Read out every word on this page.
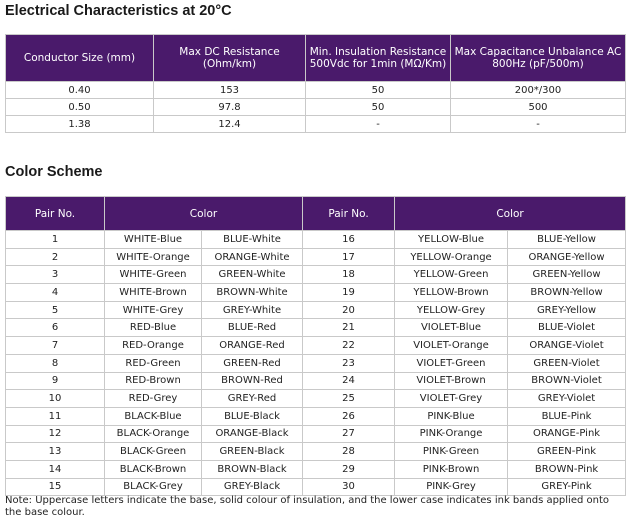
Electrical Characteristics at 20°C
Conductor Size (mm)	Max DC Resistance (Ohm/km)	Min. Insulation Resistance 500Vdc for 1min (MΩ/Km)	Max Capacitance Unbalance AC 800Hz (pF/500m)
0.40	153	50	200*/300
0.50	97.8	50	500
1.38	12.4	-	-
Color Scheme
Pair No.	Color		Pair No.	Color	
1	WHITE-Blue	BLUE-White	16	YELLOW-Blue	BLUE-Yellow
2	WHITE-Orange	ORANGE-White	17	YELLOW-Orange	ORANGE-Yellow
3	WHITE-Green	GREEN-White	18	YELLOW-Green	GREEN-Yellow
4	WHITE-Brown	BROWN-White	19	YELLOW-Brown	BROWN-Yellow
5	WHITE-Grey	GREY-White	20	YELLOW-Grey	GREY-Yellow
6	RED-Blue	BLUE-Red	21	VIOLET-Blue	BLUE-Violet
7	RED-Orange	ORANGE-Red	22	VIOLET-Orange	ORANGE-Violet
8	RED-Green	GREEN-Red	23	VIOLET-Green	GREEN-Violet
9	RED-Brown	BROWN-Red	24	VIOLET-Brown	BROWN-Violet
10	RED-Grey	GREY-Red	25	VIOLET-Grey	GREY-Violet
11	BLACK-Blue	BLUE-Black	26	PINK-Blue	BLUE-Pink
12	BLACK-Orange	ORANGE-Black	27	PINK-Orange	ORANGE-Pink
13	BLACK-Green	GREEN-Black	28	PINK-Green	GREEN-Pink
14	BLACK-Brown	BROWN-Black	29	PINK-Brown	BROWN-Pink
15	BLACK-Grey	GREY-Black	30	PINK-Grey	GREY-Pink

Note: Uppercase letters indicate the base, solid colour of insulation, and the lower case indicates ink bands applied onto the base colour.
